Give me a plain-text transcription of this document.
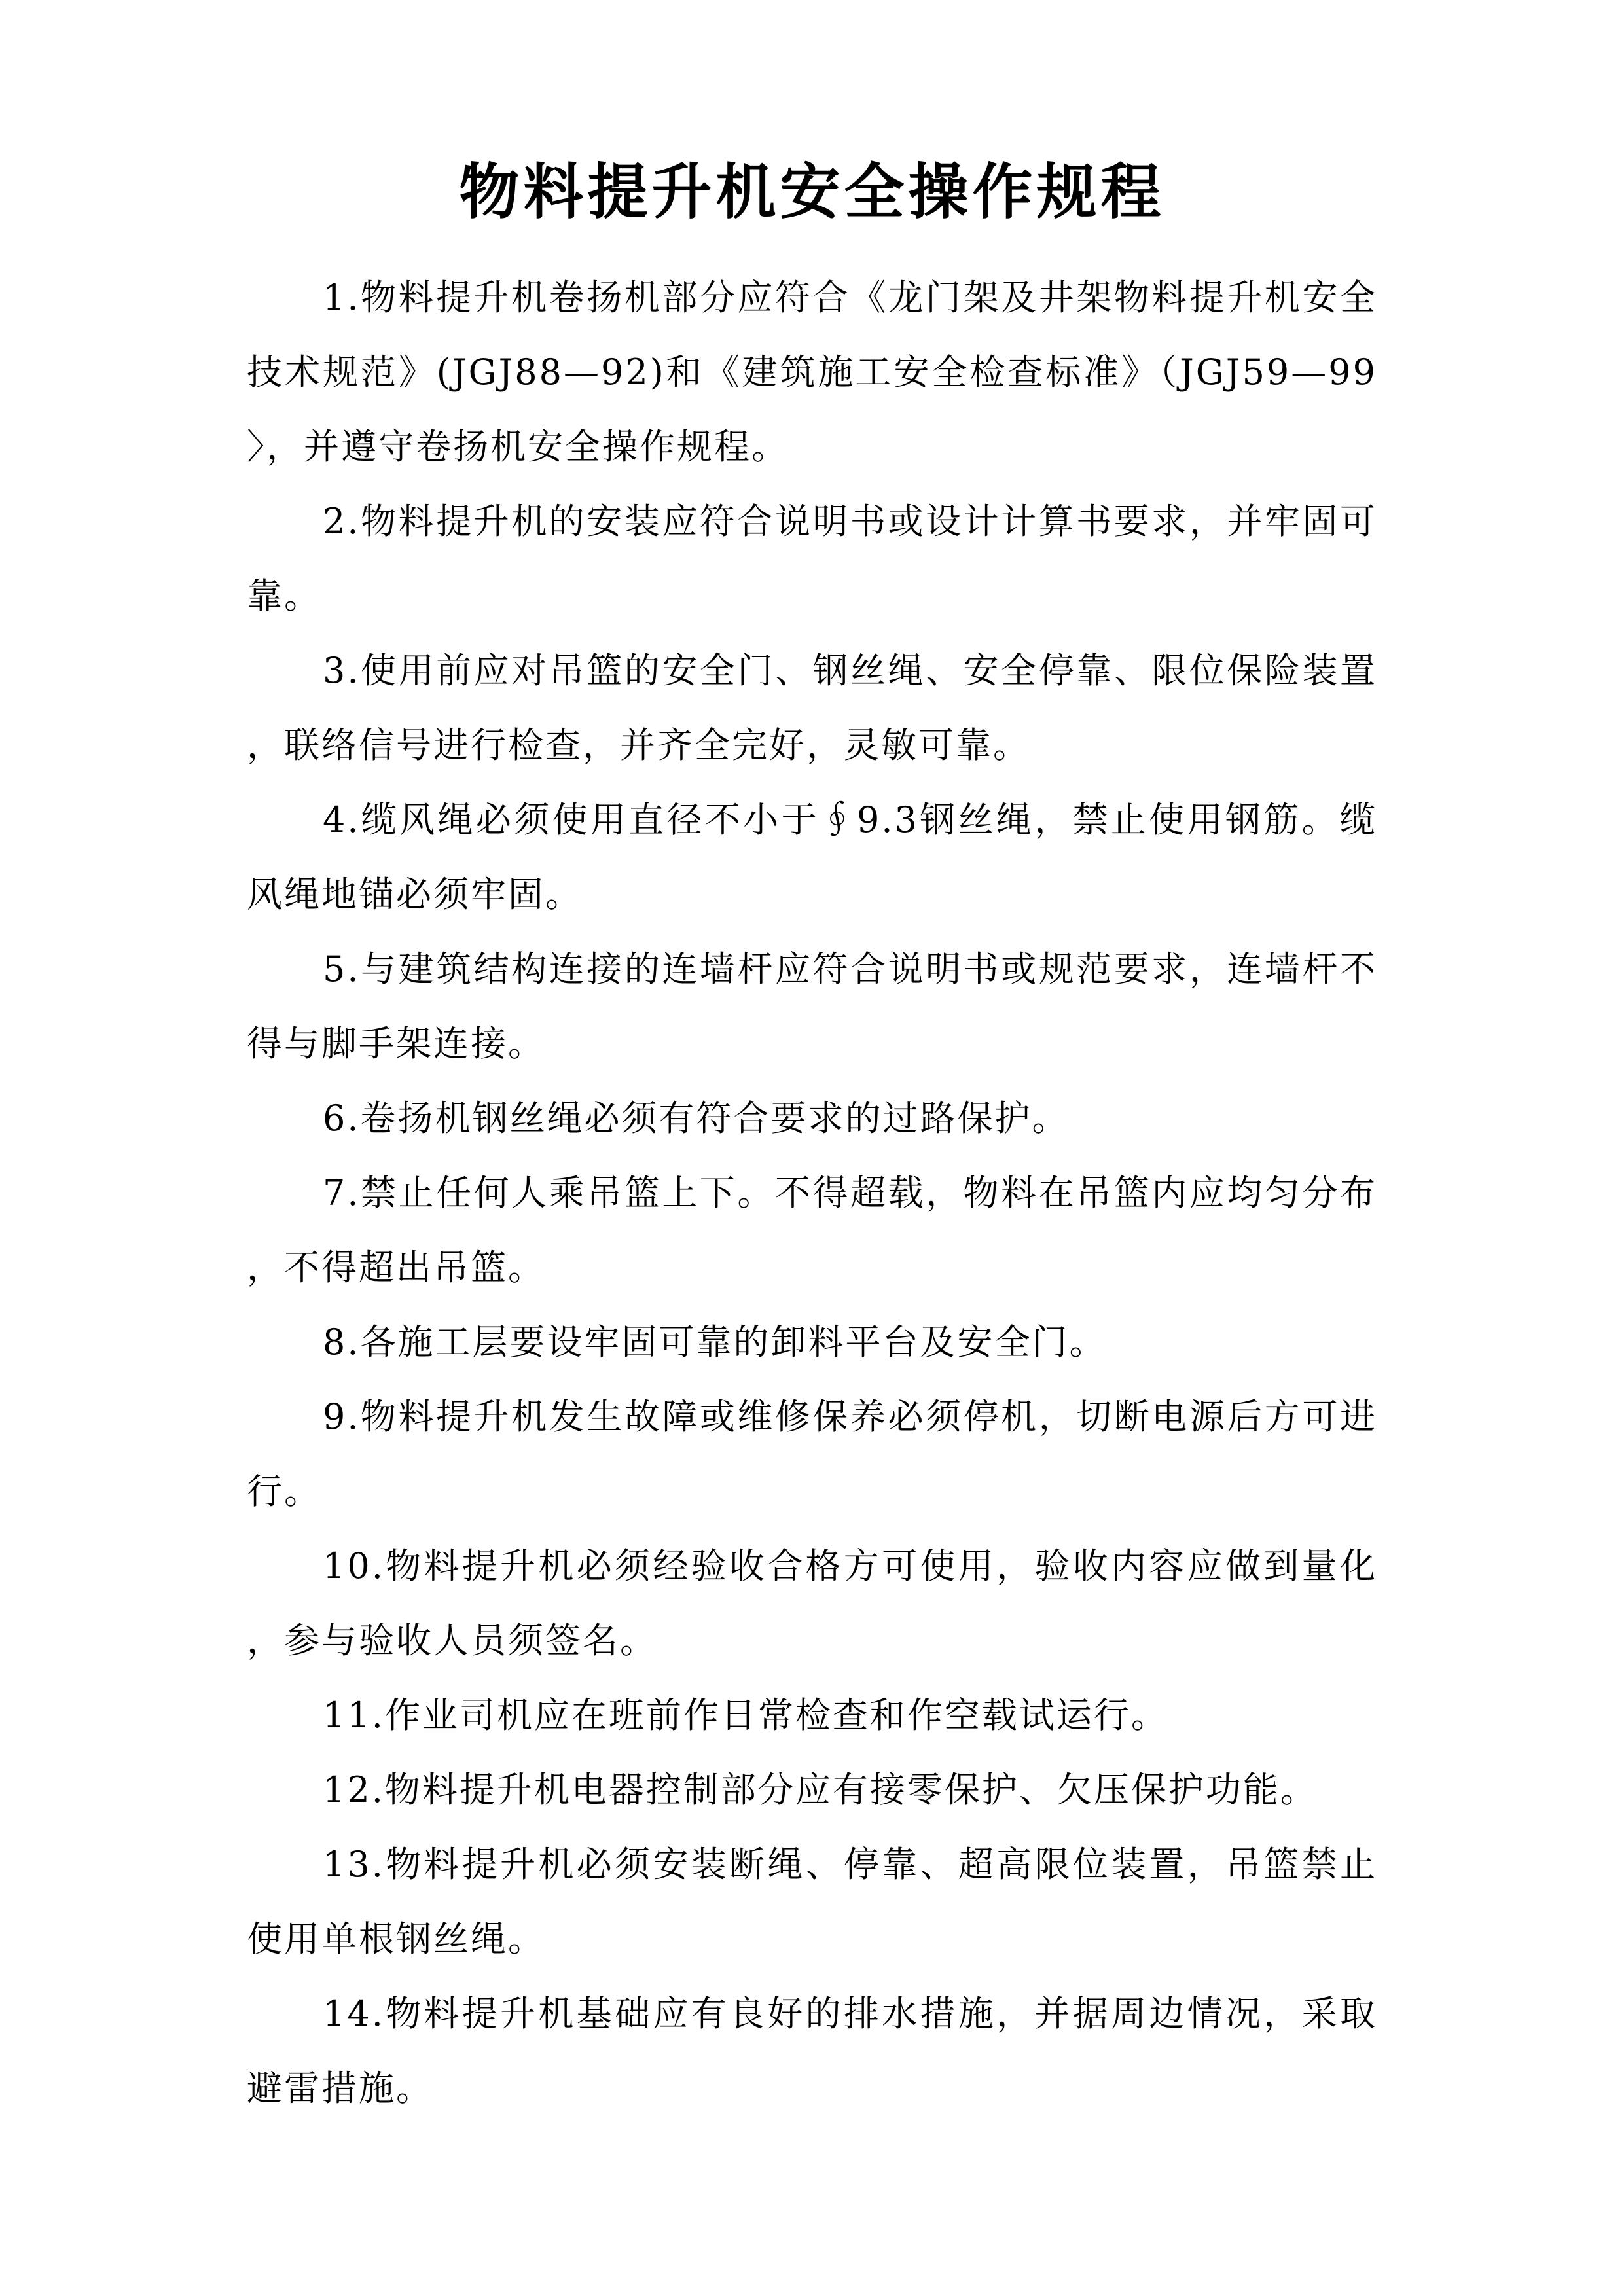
物料提升机安全操作规程

1.物料提升机卷扬机部分应符合《龙门架及井架物料提升机安全技术规范》(JGJ88—92)和《建筑施工安全检查标准》（JGJ59—99〉，并遵守卷扬机安全操作规程。

2.物料提升机的安装应符合说明书或设计计算书要求，并牢固可靠。

3.使用前应对吊篮的安全门、钢丝绳、安全停靠、限位保险装置，联络信号进行检查，并齐全完好，灵敏可靠。

4.缆风绳必须使用直径不小于∮9.3钢丝绳，禁止使用钢筋。缆风绳地锚必须牢固。

5.与建筑结构连接的连墙杆应符合说明书或规范要求，连墙杆不得与脚手架连接。

6.卷扬机钢丝绳必须有符合要求的过路保护。

7.禁止任何人乘吊篮上下。不得超载，物料在吊篮内应均匀分布，不得超出吊篮。

8.各施工层要设牢固可靠的卸料平台及安全门。

9.物料提升机发生故障或维修保养必须停机，切断电源后方可进行。

10.物料提升机必须经验收合格方可使用，验收内容应做到量化，参与验收人员须签名。

11.作业司机应在班前作日常检查和作空载试运行。

12.物料提升机电器控制部分应有接零保护、欠压保护功能。

13.物料提升机必须安装断绳、停靠、超高限位装置，吊篮禁止使用单根钢丝绳。

14.物料提升机基础应有良好的排水措施，并据周边情况，采取避雷措施。
